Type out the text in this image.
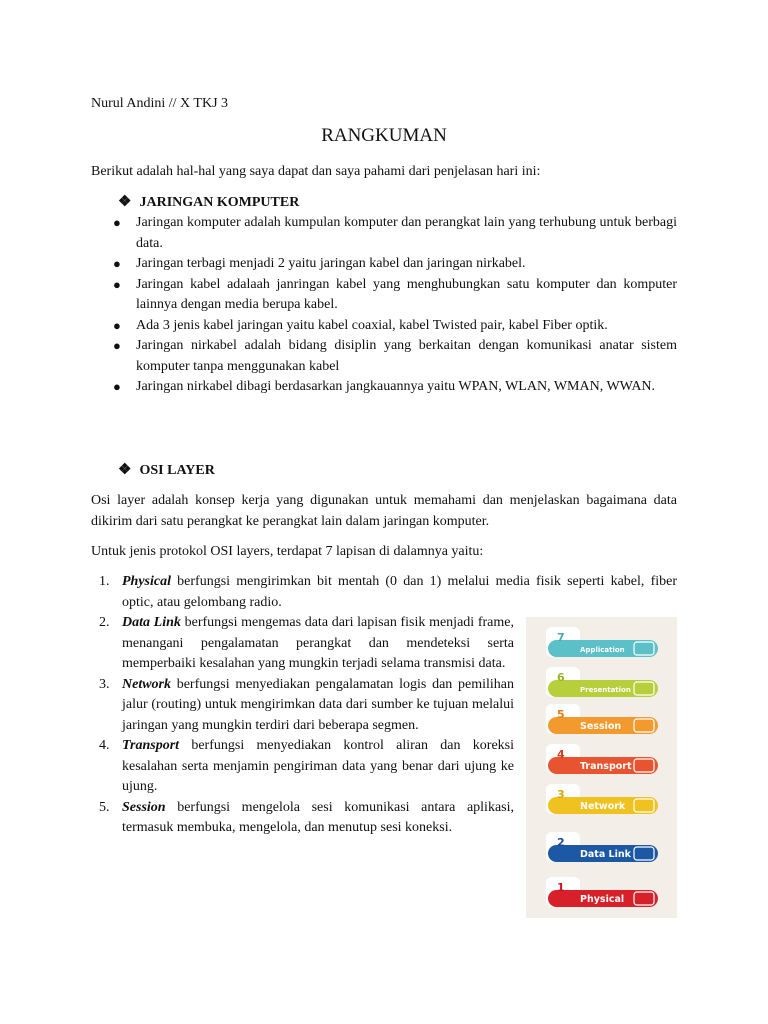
Nurul Andini // X TKJ 3

RANGKUMAN

Berikut adalah hal-hal yang saya dapat dan saya pahami dari penjelasan hari ini:

❖ JARINGAN KOMPUTER
● Jaringan komputer adalah kumpulan komputer dan perangkat lain yang terhubung untuk berbagi data.
● Jaringan terbagi menjadi 2 yaitu jaringan kabel dan jaringan nirkabel.
● Jaringan kabel adalaah janringan kabel yang menghubungkan satu komputer dan komputer lainnya dengan media berupa kabel.
● Ada 3 jenis kabel jaringan yaitu kabel coaxial, kabel Twisted pair, kabel Fiber optik.
● Jaringan nirkabel adalah bidang disiplin yang berkaitan dengan komunikasi anatar sistem komputer tanpa menggunakan kabel
● Jaringan nirkabel dibagi berdasarkan jangkauannya yaitu WPAN, WLAN, WMAN, WWAN.
❖ OSI LAYER

Osi layer adalah konsep kerja yang digunakan untuk memahami dan menjelaskan bagaimana data dikirim dari satu perangkat ke perangkat lain dalam jaringan komputer.

Untuk jenis protokol OSI layers, terdapat 7 lapisan di dalamnya yaitu:

1. Physical berfungsi mengirimkan bit mentah (0 dan 1) melalui media fisik seperti kabel, fiber optic, atau gelombang radio.
2. Data Link berfungsi mengemas data dari lapisan fisik menjadi frame, menangani pengalamatan perangkat dan mendeteksi serta memperbaiki kesalahan yang mungkin terjadi selama transmisi data.
3. Network berfungsi menyediakan pengalamatan logis dan pemilihan jalur (routing) untuk mengirimkan data dari sumber ke tujuan melalui jaringan yang mungkin terdiri dari beberapa segmen.
4. Transport berfungsi menyediakan kontrol aliran dan koreksi kesalahan serta menjamin pengiriman data yang benar dari ujung ke ujung.
5. Session berfungsi mengelola sesi komunikasi antara aplikasi, termasuk membuka, mengelola, dan menutup sesi koneksi.
7
Application
6
Presentation
5
Session
4
Transport
3
Network
2
Data Link
1
Physical
